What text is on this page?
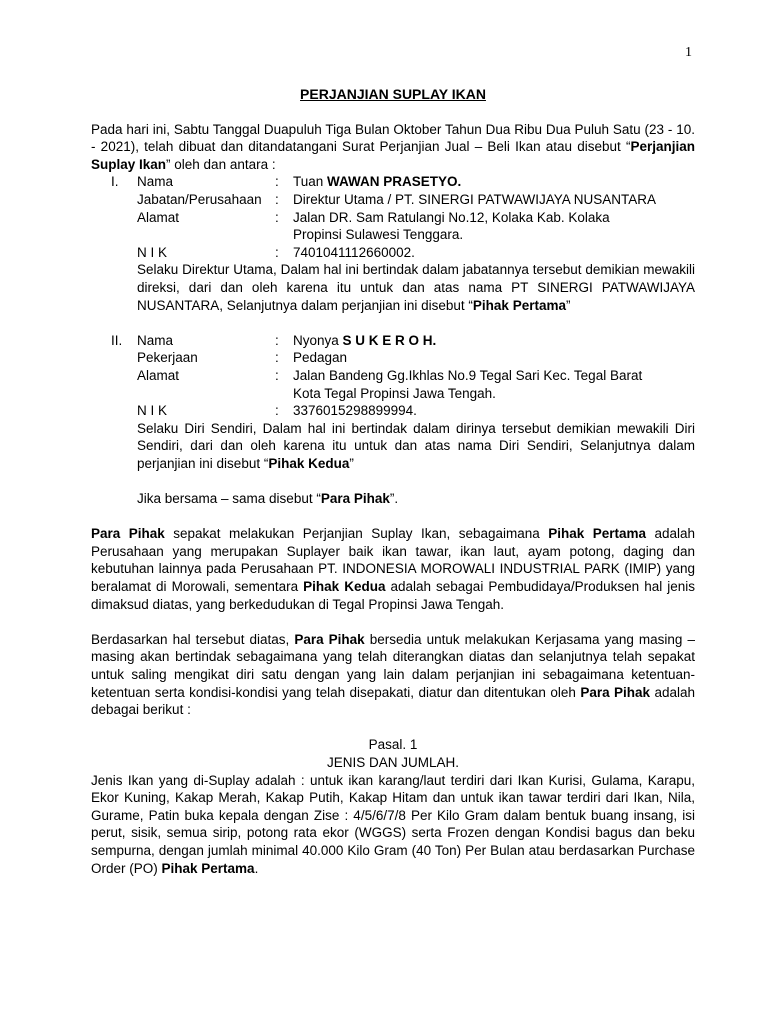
1

PERJANJIAN SUPLAY IKAN

Pada hari ini, Sabtu Tanggal Duapuluh Tiga Bulan Oktober Tahun Dua Ribu Dua Puluh Satu (23 - 10. - 2021), telah dibuat dan ditandatangani Surat Perjanjian Jual – Beli Ikan atau disebut “Perjanjian Suplay Ikan” oleh dan antara :

I. Nama	:	Tuan WAWAN PRASETYO.
Jabatan/Perusahaan :	Direktur Utama / PT. SINERGI PATWAWIJAYA NUSANTARA
Alamat	:	Jalan DR. Sam Ratulangi No.12, Kolaka Kab. Kolaka
Propinsi Sulawesi Tenggara.
N I K	:	7401041112660002.

Selaku Direktur Utama, Dalam hal ini bertindak dalam jabatannya tersebut demikian mewakili direksi, dari dan oleh karena itu untuk dan atas nama PT SINERGI PATWAWIJAYA NUSANTARA, Selanjutnya dalam perjanjian ini disebut “Pihak Pertama”

II. Nama	:	Nyonya S U K E R O H.
Pekerjaan	:	Pedagan
Alamat	:	Jalan Bandeng Gg.Ikhlas No.9 Tegal Sari Kec. Tegal Barat
Kota Tegal Propinsi Jawa Tengah.
N I K	:	3376015298899994.

Selaku Diri Sendiri, Dalam hal ini bertindak dalam dirinya tersebut demikian mewakili Diri Sendiri, dari dan oleh karena itu untuk dan atas nama Diri Sendiri, Selanjutnya dalam perjanjian ini disebut “Pihak Kedua”

Jika bersama – sama disebut “Para Pihak”.

Para Pihak sepakat melakukan Perjanjian Suplay Ikan, sebagaimana Pihak Pertama adalah Perusahaan yang merupakan Suplayer baik ikan tawar, ikan laut, ayam potong, daging dan kebutuhan lainnya pada Perusahaan PT. INDONESIA MOROWALI INDUSTRIAL PARK (IMIP) yang beralamat di Morowali, sementara Pihak Kedua adalah sebagai Pembudidaya/Produksen hal jenis dimaksud diatas, yang berkedudukan di Tegal Propinsi Jawa Tengah.

Berdasarkan hal tersebut diatas, Para Pihak bersedia untuk melakukan Kerjasama yang masing – masing akan bertindak sebagaimana yang telah diterangkan diatas dan selanjutnya telah sepakat untuk saling mengikat diri satu dengan yang lain dalam perjanjian ini sebagaimana ketentuan-ketentuan serta kondisi-kondisi yang telah disepakati, diatur dan ditentukan oleh Para Pihak adalah debagai berikut :

Pasal. 1

JENIS DAN JUMLAH.

Jenis Ikan yang di-Suplay adalah : untuk ikan karang/laut terdiri dari Ikan Kurisi, Gulama, Karapu, Ekor Kuning, Kakap Merah, Kakap Putih, Kakap Hitam dan untuk ikan tawar terdiri dari Ikan, Nila, Gurame, Patin buka kepala dengan Zise : 4/5/6/7/8 Per Kilo Gram dalam bentuk buang insang, isi perut, sisik, semua sirip, potong rata ekor (WGGS) serta Frozen dengan Kondisi bagus dan beku sempurna, dengan jumlah minimal 40.000 Kilo Gram (40 Ton) Per Bulan atau berdasarkan Purchase Order (PO) Pihak Pertama.
